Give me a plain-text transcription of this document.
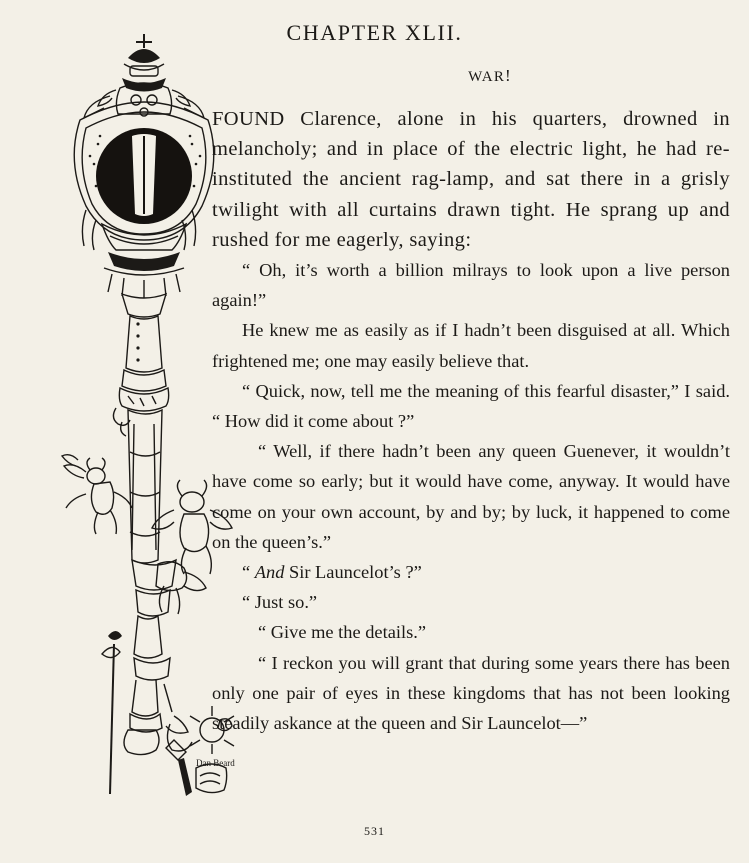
CHAPTER XLII.
WAR!
Dan Beard

FOUND Clarence, alone in his quarters, drowned in melancholy; and in place of the electric light, he had re-instituted the ancient rag-lamp, and sat there in a grisly twilight with all curtains drawn tight. He sprang up and rushed for me eagerly, saying:

“ Oh, it’s worth a billion milrays to look upon a live person again!”

He knew me as easily as if I hadn’t been disguised at all. Which frightened me; one may easily believe that.

“ Quick, now, tell me the meaning of this fearful disaster,” I said. “ How did it come about ?”

“ Well, if there hadn’t been any queen Guenever, it wouldn’t have come so early; but it would have come, anyway. It would have come on your own account, by and by; by luck, it happened to come on the queen’s.”

“ And Sir Launcelot’s ?”

“ Just so.”

“ Give me the details.”

“ I reckon you will grant that during some years there has been only one pair of eyes in these kingdoms that has not been looking steadily askance at the queen and Sir Launcelot—”

531
